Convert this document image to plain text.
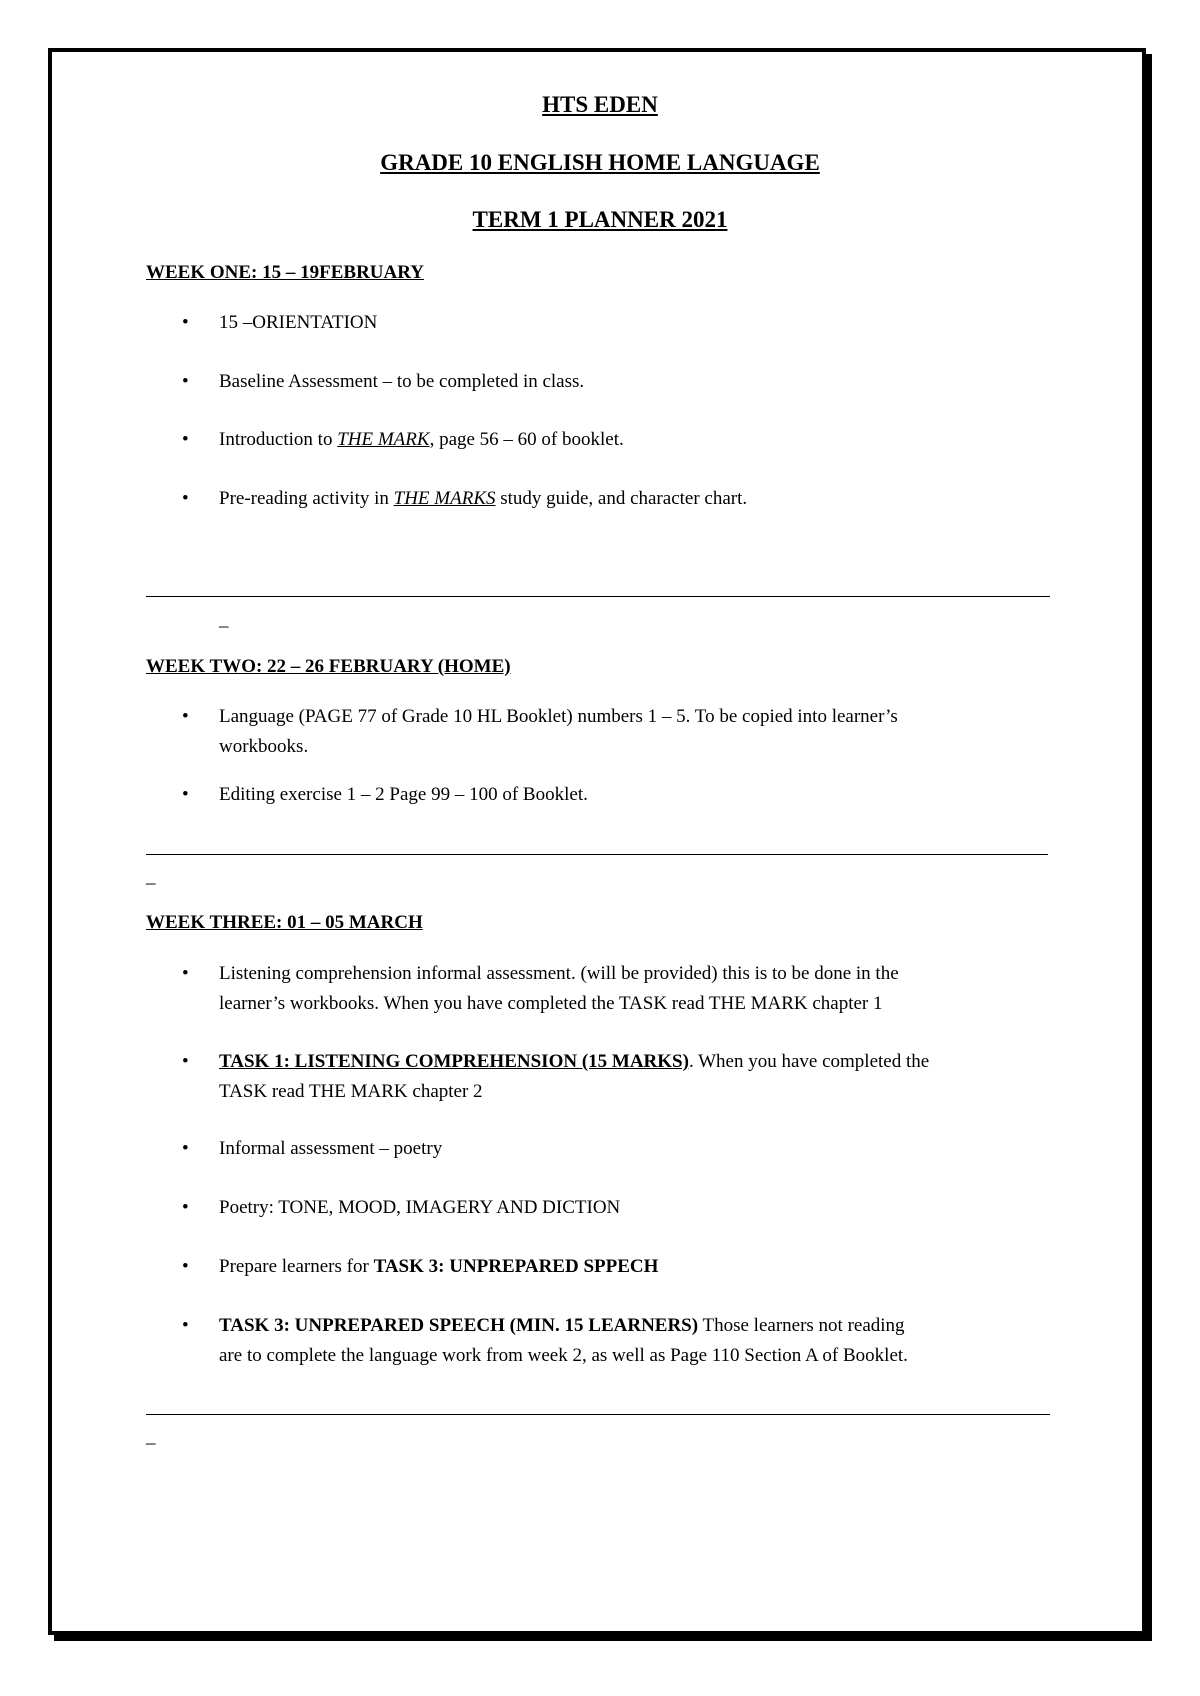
HTS EDEN
GRADE 10 ENGLISH HOME LANGUAGE
TERM 1 PLANNER 2021
WEEK ONE: 15 – 19FEBRUARY
• 15 –ORIENTATION
• Baseline Assessment – to be completed in class.
• Introduction to THE MARK, page 56 – 60 of booklet.
• Pre-reading activity in THE MARKS study guide, and character chart.
_
WEEK TWO: 22 – 26 FEBRUARY (HOME)
• Language (PAGE 77 of Grade 10 HL Booklet) numbers 1 – 5. To be copied into learner’s
workbooks.
• Editing exercise 1 – 2 Page 99 – 100 of Booklet.
_
WEEK THREE: 01 – 05 MARCH
• Listening comprehension informal assessment. (will be provided) this is to be done in the
learner’s workbooks. When you have completed the TASK read THE MARK chapter 1
• TASK 1: LISTENING COMPREHENSION (15 MARKS). When you have completed the
TASK read THE MARK chapter 2
• Informal assessment – poetry
• Poetry: TONE, MOOD, IMAGERY AND DICTION
• Prepare learners for TASK 3: UNPREPARED SPPECH
• TASK 3: UNPREPARED SPEECH (MIN. 15 LEARNERS) Those learners not reading
are to complete the language work from week 2, as well as Page 110 Section A of Booklet.
_
